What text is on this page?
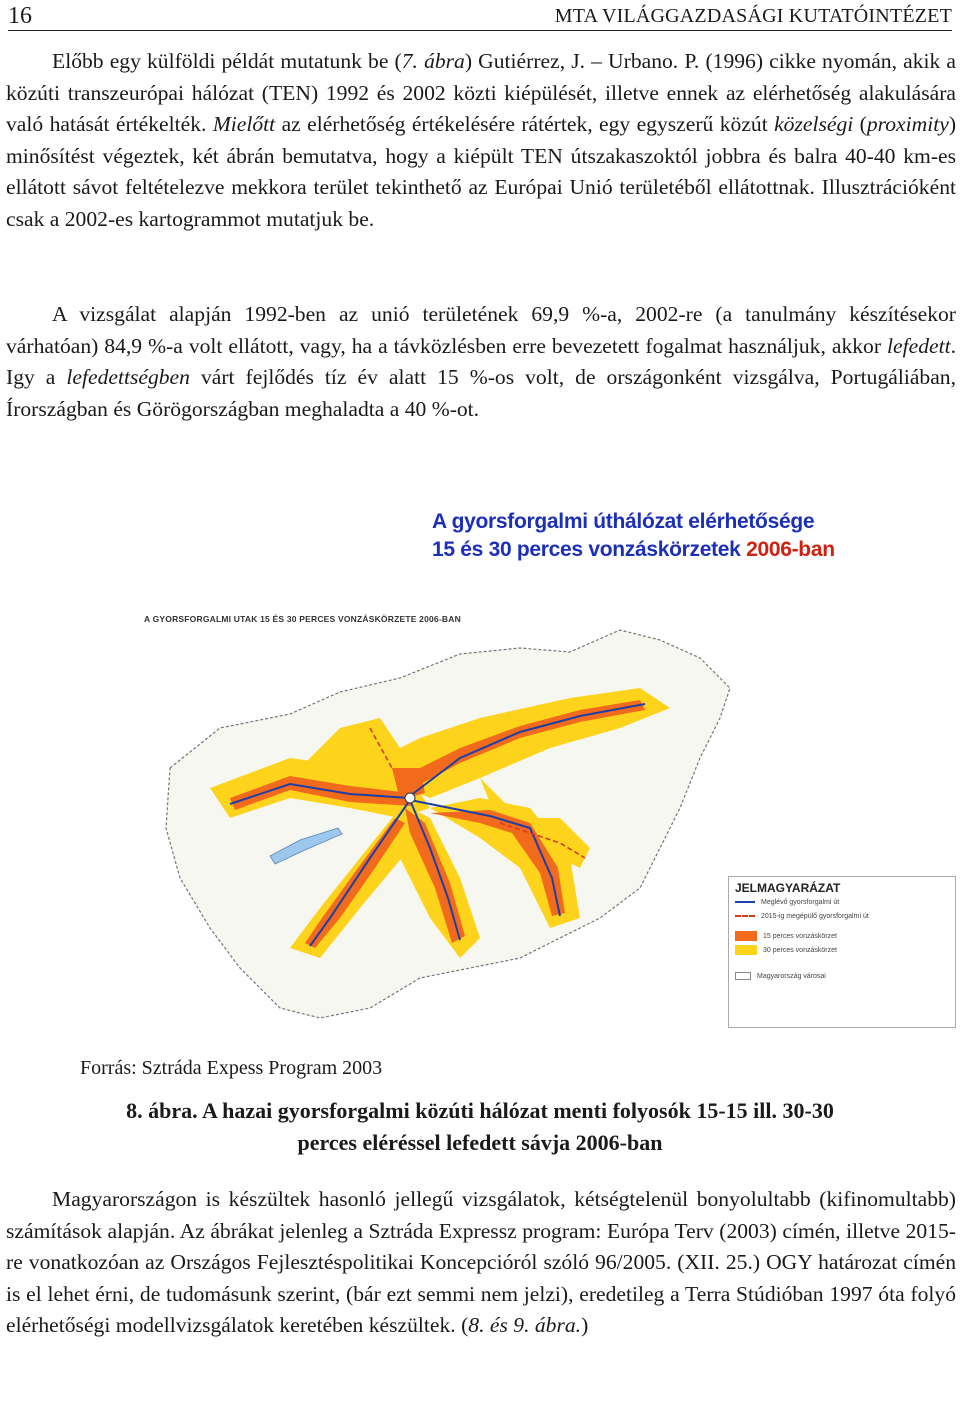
16	MTA VILÁGGAZDASÁGI KUTATÓINTÉZET

Előbb egy külföldi példát mutatunk be (7. ábra) Gutiérrez, J. – Urbano. P. (1996) cikke nyomán, akik a közúti transzeurópai hálózat (TEN) 1992 és 2002 közti kiépülését, illetve ennek az elérhetőség alakulására való hatását értékelték. Mielőtt az elérhetőség értékelésére rátértek, egy egyszerű közút közelségi (proximity) minősítést végeztek, két ábrán bemutatva, hogy a kiépült TEN útszakaszoktól jobbra és balra 40-40 km-es ellátott sávot feltételezve mekkora terület tekinthető az Európai Unió területéből ellátottnak. Illusztrációként csak a 2002-es kartogrammot mutatjuk be.

A vizsgálat alapján 1992-ben az unió területének 69,9 %-a, 2002-re (a tanulmány készítésekor várhatóan) 84,9 %-a volt ellátott, vagy, ha a távközlésben erre bevezetett fogalmat használjuk, akkor lefedett. Igy a lefedettségben várt fejlődés tíz év alatt 15 %-os volt, de országonként vizsgálva, Portugáliában, Írországban és Görögországban meghaladta a 40 %-ot.

A gyorsforgalmi úthálózat elérhetősége
15 és 30 perces vonzáskörzetek 2006-ban
A GYORSFORGALMI UTAK 15 ÉS 30 PERCES VONZÁSKÖRZETE 2006-BAN
JELMAGYARÁZAT
Meglévő gyorsforgalmi út
2015-ig megépülő gyorsforgalmi út
15 perces vonzáskörzet
30 perces vonzáskörzet
Magyarország városai
Forrás: Sztráda Expess Program 2003
8. ábra. A hazai gyorsforgalmi közúti hálózat menti folyosók 15-15 ill. 30-30
perces eléréssel lefedett sávja 2006-ban

Magyarországon is készültek hasonló jellegű vizsgálatok, kétségtelenül bonyolultabb (kifinomultabb) számítások alapján. Az ábrákat jelenleg a Sztráda Expressz program: Európa Terv (2003) címén, illetve 2015-re vonatkozóan az Országos Fejlesztéspolitikai Koncepcióról szóló 96/2005. (XII. 25.) OGY határozat címén is el lehet érni, de tudomásunk szerint, (bár ezt semmi nem jelzi), eredetileg a Terra Stúdióban 1997 óta folyó elérhetőségi modellvizsgálatok keretében készültek. (8. és 9. ábra.)
